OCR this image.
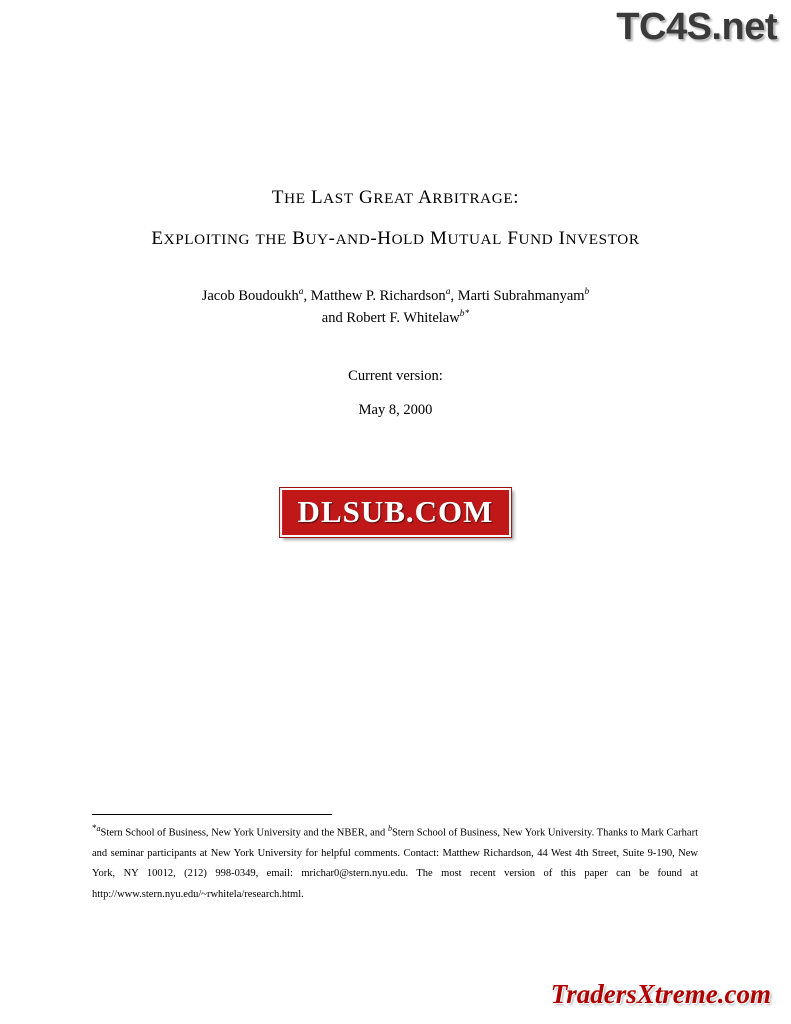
TC4S.net
THE LAST GREAT ARBITRAGE:
EXPLOITING THE BUY-AND-HOLD MUTUAL FUND INVESTOR
Jacob Boudoukh$^a$, Matthew P. Richardson$^a$, Marti Subrahmanyam$^b$
and Robert F. Whitelaw$^{b*}$
Current version:
May 8, 2000
DLSUB.COM
*$^a$Stern School of Business, New York University and the NBER, and $^b$Stern School of Business, New York University. Thanks to Mark Carhart and seminar participants at New York University for helpful comments. Contact: Matthew Richardson, 44 West 4th Street, Suite 9-190, New York, NY 10012, (212) 998-0349, email: mrichar0@stern.nyu.edu. The most recent version of this paper can be found at http://www.stern.nyu.edu/~rwhitela/research.html.
TradersXtreme.com
